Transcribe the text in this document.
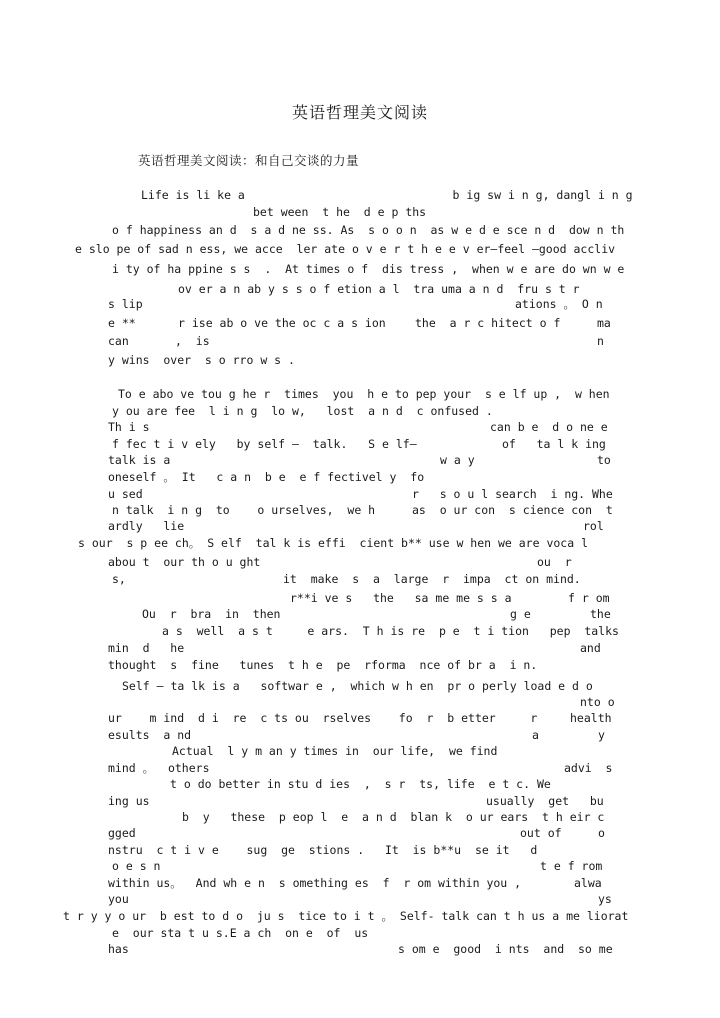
英语哲理美文阅读
英语哲理美文阅读：和自己交谈的力量
Life is li ke a                              b ig sw i n g, dangl i n g
bet ween  t he  d e p ths
o f happiness an d  s a d ne ss. As  s o o n  as w e d e sce n d  dow n th
e slo pe of sad n ess, we acce  ler ate o v e r t h e e v er—feel —good accliv
i ty of ha ppine s s  .  At times o f  dis tress ,  when w e are do wn w e
ov er a n ab y s s o f etion a l  tra uma a n d  fru s t r
s lip	ations 。 O n
e **	r ise ab o ve the oc c a s ion	the  a r c hitect o f	ma
can	,  is	n
y wins  over  s o rro w s .
To e abo ve tou g he r  times  you  h e to pep your  s e lf up ,  w hen
y ou are fee  l i n g  lo w,   lost  a n d  c onfused .
Th i s	can b e  d o ne e
f fec t i v ely   by self —  talk.   S e lf—	of   ta l k ing
talk is a	w a y	to
oneself 。 It   c a n  b e  e f fectivel y  fo
u sed	r   s o u l search  i ng. Whe
n talk  i n g  to    o urselves,  we h	as  o ur con  s cience con  t
ardly   lie	rol
s our  s p ee ch。 S elf  tal k is effi  cient b** use w hen we are voca l
abou t  our th o u ght	ou  r
s,	it  make  s  a  large  r  impa  ct on mind.
r**i ve s   the   sa me me s s a	f r om
Ou  r  bra  in  then	g e	the
a s  well  a s t     e ars.  T h is re  p e  t i tion   pep  talks
min  d   he	and
thought  s  fine   tunes  t h e  pe  rforma  nce of br a  i n.
Self — ta lk is a   softwar e ,  which w h en  pr o perly load e d o
nto o
ur    m ind  d i  re  c ts ou  rselves    fo  r  b etter     r	health
esults  a nd	a	y
Actual  l y m an y times in  our life,  we find
mind 。  others	advi  s
t o do better in stu d ies  ,  s r  ts, life  e t c. We
ing us	usually  get   bu
b  y   these  p eop l  e  a n d  blan k  o ur ears  t h eir c
gged	out of	o
nstru  c t i v e    sug  ge  stions .   It  is b**u  se it   d
o e s n	t e f rom
within us。  And wh e n  s omething es  f  r om within you ,	alwa
you	ys
t r y y o ur  b est to d o  ju s  tice to i t 。 Self- talk can t h us a me liorat
e  our sta t u s.E a ch  on e  of  us
has	s om e  good  i nts  and  so me
